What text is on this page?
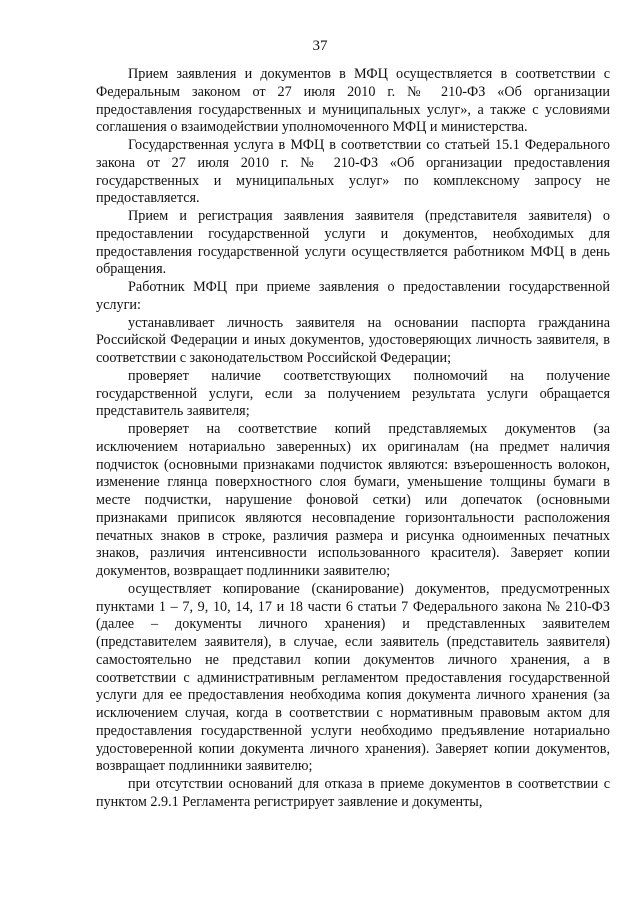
37

Прием заявления и документов в МФЦ осуществляется в соответствии с Федеральным законом от 27 июля 2010 г. № 210-ФЗ «Об организации предоставления государственных и муниципальных услуг», а также с условиями соглашения о взаимодействии уполномоченного МФЦ и министерства.

Государственная услуга в МФЦ в соответствии со статьей 15.1 Федерального закона от 27 июля 2010 г. № 210-ФЗ «Об организации предоставления государственных и муниципальных услуг» по комплексному запросу не предоставляется.

Прием и регистрация заявления заявителя (представителя заявителя) о предоставлении государственной услуги и документов, необходимых для предоставления государственной услуги осуществляется работником МФЦ в день обращения.

Работник МФЦ при приеме заявления о предоставлении государственной услуги:

устанавливает личность заявителя на основании паспорта гражданина Российской Федерации и иных документов, удостоверяющих личность заявителя, в соответствии с законодательством Российской Федерации;

проверяет наличие соответствующих полномочий на получение государственной услуги, если за получением результата услуги обращается представитель заявителя;

проверяет на соответствие копий представляемых документов (за исключением нотариально заверенных) их оригиналам (на предмет наличия подчисток (основными признаками подчисток являются: взъерошенность волокон, изменение глянца поверхностного слоя бумаги, уменьшение толщины бумаги в месте подчистки, нарушение фоновой сетки) или допечаток (основными признаками приписок являются несовпадение горизонтальности расположения печатных знаков в строке, различия размера и рисунка одноименных печатных знаков, различия интенсивности использованного красителя). Заверяет копии документов, возвращает подлинники заявителю;

осуществляет копирование (сканирование) документов, предусмотренных пунктами 1 – 7, 9, 10, 14, 17 и 18 части 6 статьи 7 Федерального закона № 210-ФЗ (далее – документы личного хранения) и представленных заявителем (представителем заявителя), в случае, если заявитель (представитель заявителя) самостоятельно не представил копии документов личного хранения, а в соответствии с административным регламентом предоставления государственной услуги для ее предоставления необходима копия документа личного хранения (за исключением случая, когда в соответствии с нормативным правовым актом для предоставления государственной услуги необходимо предъявление нотариально удостоверенной копии документа личного хранения). Заверяет копии документов, возвращает подлинники заявителю;

при отсутствии оснований для отказа в приеме документов в соответствии с пунктом 2.9.1 Регламента регистрирует заявление и документы,
